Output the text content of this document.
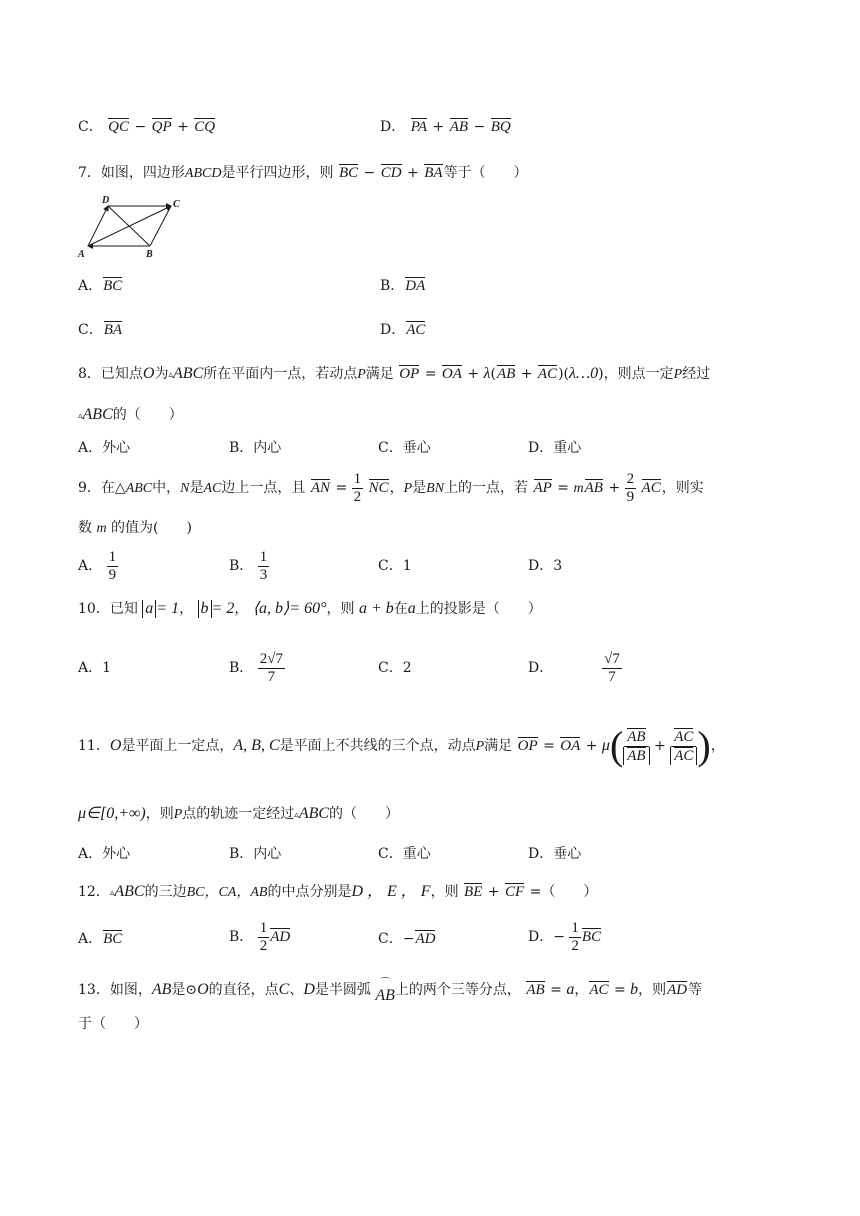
C． QC − QP + CQ	D． PA + AB − BQ
7．如图，四边形ABCD是平行四边形，则 BC − CD + BA等于（　　）
D	C
A	B
A．BC	B．DA
C．BA	D．AC
8．已知点O为▵ABC所在平面内一点，若动点P满足 OP = OA + λ(AB + AC)(λ…0)，则点一定P经过
▵ABC的（　　）
A．外心	B．内心	C．垂心	D．重心
9．在△ABC中，N是AC边上一点，且 AN = $\frac{1}{2}$ NC，P是BN上的一点，若 AP = mAB + $\frac{2}{9}$ AC，则实
数 m 的值为(　　)
A． $\frac{1}{9}$	B． $\frac{1}{3}$	C．1	D．3
10．已知 a = 1， b = 2， ⟨a, b⟩= 60°，则 a + b在a上的投影是（　　）
A．1	B． $\frac{2√7}{7}$	C．2	D．	$\frac{√7}{7}$
11．O是平面上一定点，A, B, C是平面上不共线的三个点，动点P满足 OP = OA + $\mu( \frac{AB}{AB} + \frac{AC}{AC}$ )，
μ∈[0,+∞)，则P点的轨迹一定经过▵ABC的（　　）
A．外心	B．内心	C．重心	D．垂心
12．▵ABC的三边BC，CA，AB的中点分别是D ， E ， F，则 BE + CF =（　　）
A．BC	B． $\frac{1}{2}$ AD	C．−AD	D．− $\frac{1}{2}$ BC
13．如图，AB是⊙O的直径，点C、D是半圆弧 ⌒
AB 上的两个三等分点， AB = a，AC = b，则AD等
于（　　）
